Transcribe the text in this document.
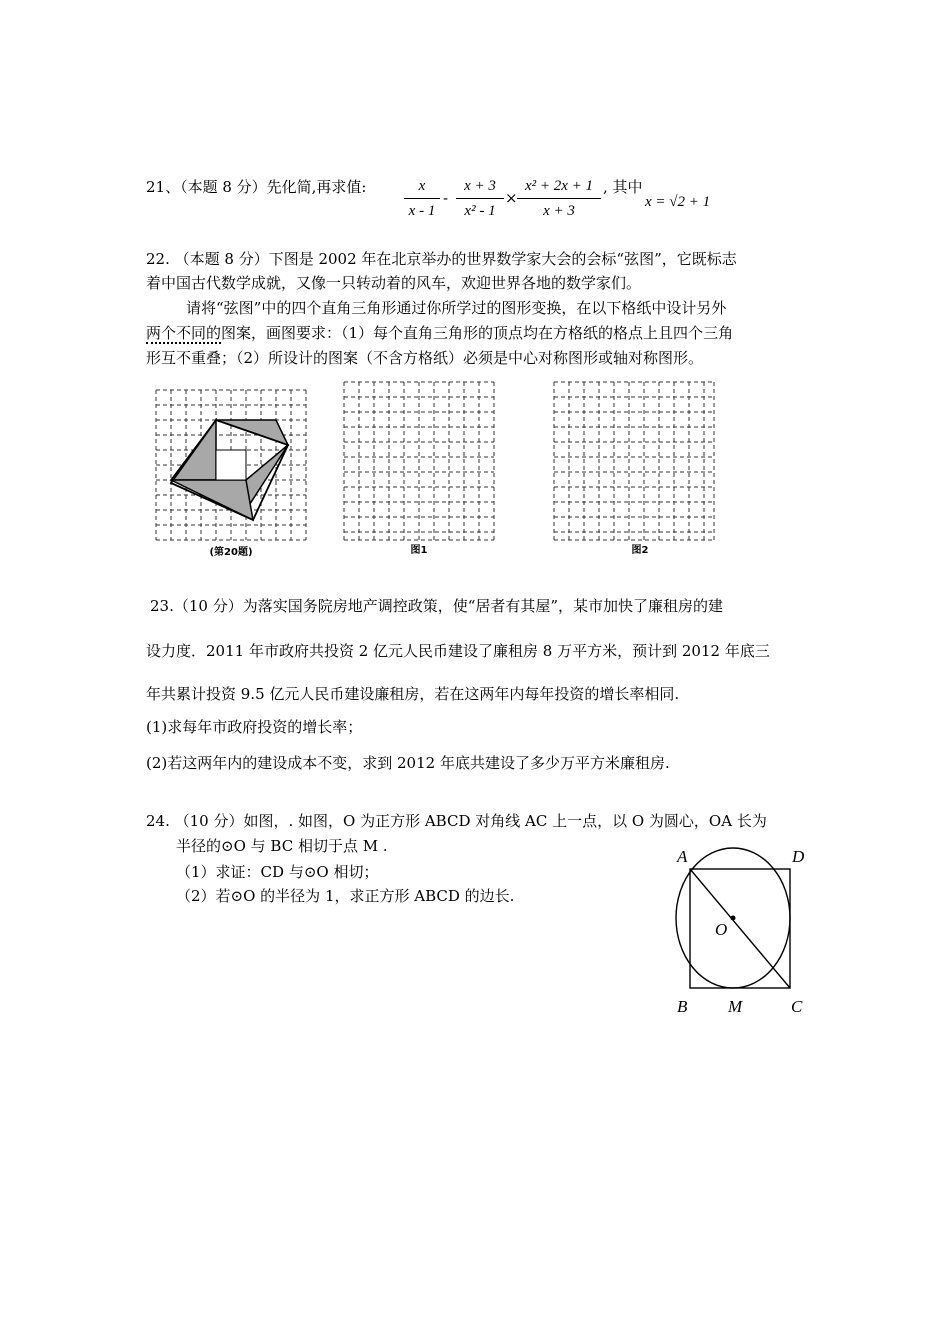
21、（本题 8 分）先化简,再求值:	x
x - 1
-
x + 3
x² - 1
×
x² + 2x + 1
x + 3
, 其中
x = √2 + 1
22. （本题 8 分）下图是 2002 年在北京举办的世界数学家大会的会标“弦图”，它既标志
着中国古代数学成就，又像一只转动着的风车，欢迎世界各地的数学家们。
请将“弦图”中的四个直角三角形通过你所学过的图形变换，在以下格纸中设计另外
两个不同的图案，画图要求：（1）每个直角三角形的顶点均在方格纸的格点上且四个三角
形互不重叠；（2）所设计的图案（不含方格纸）必须是中心对称图形或轴对称图形。
(第20题)	图1	图2
23.（10 分）为落实国务院房地产调控政策，使“居者有其屋”，某市加快了廉租房的建
设力度．2011 年市政府共投资 2 亿元人民币建设了廉租房 8 万平方米，预计到 2012 年底三
年共累计投资 9.5 亿元人民币建设廉租房，若在这两年内每年投资的增长率相同.
(1)求每年市政府投资的增长率；
(2)若这两年内的建设成本不变，求到 2012 年底共建设了多少万平方米廉租房.
24. （10 分）如图，. 如图，O 为正方形 ABCD 对角线 AC 上一点，以 O 为圆心，OA 长为
半径的⊙O 与 BC 相切于点 M .
（1）求证：CD 与⊙O 相切；
（2）若⊙O 的半径为 1，求正方形 ABCD 的边长.
A	D
O
B M	C
